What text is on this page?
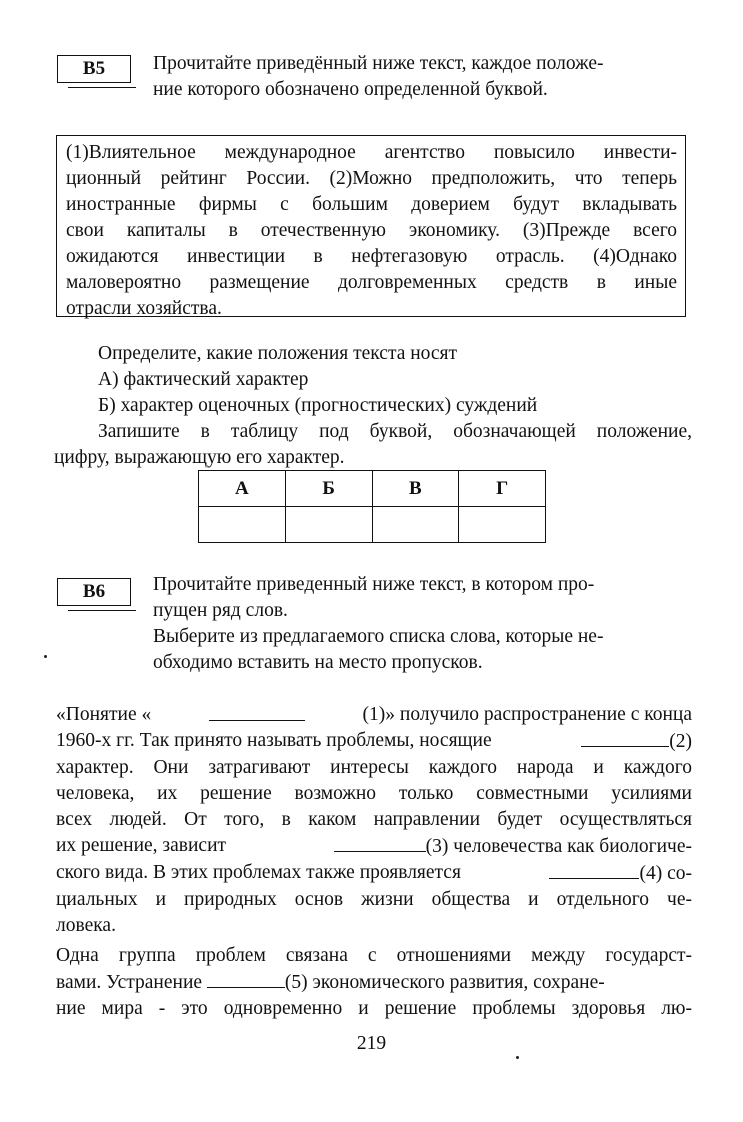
В5	Прочитайте приведённый ниже текст, каждое положе-

ние которого обозначено определенной буквой.

(1)Влиятельное международное агентство повысило инвести-
ционный рейтинг России. (2)Можно предположить, что теперь
иностранные фирмы с большим доверием будут вкладывать
свои капиталы в отечественную экономику. (3)Прежде всего
ожидаются инвестиции в нефтегазовую отрасль. (4)Однако
маловероятно размещение долговременных средств в иные
отрасли хозяйства.

Определите, какие положения текста носят

А) фактический характер

Б) характер оценочных (прогностических) суждений

Запишите в таблицу под буквой, обозначающей положение,

цифру, выражающую его характер.

А	Б	В	Г

В6	Прочитайте приведенный ниже текст, в котором про-

пущен ряд слов.

Выберите из предлагаемого списка слова, которые не-

обходимо вставить на место пропусков.

«Понятие «	(1)» получило распространение с конца
1960-х гг. Так принято называть проблемы, носящие	(2)
характер. Они затрагивают интересы каждого народа и каждого
человека, их решение возможно только совместными усилиями
всех людей. От того, в каком направлении будет осуществляться
их решение, зависит	(3) человечества как биологиче-
ского вида. В этих проблемах также проявляется	(4) со-
циальных и природных основ жизни общества и отдельного че-
ловека.
Одна группа проблем связана с отношениями между государст-
вами. Устранение	(5) экономического развития, сохране-
ние мира - это одновременно и решение проблемы здоровья лю-
219
